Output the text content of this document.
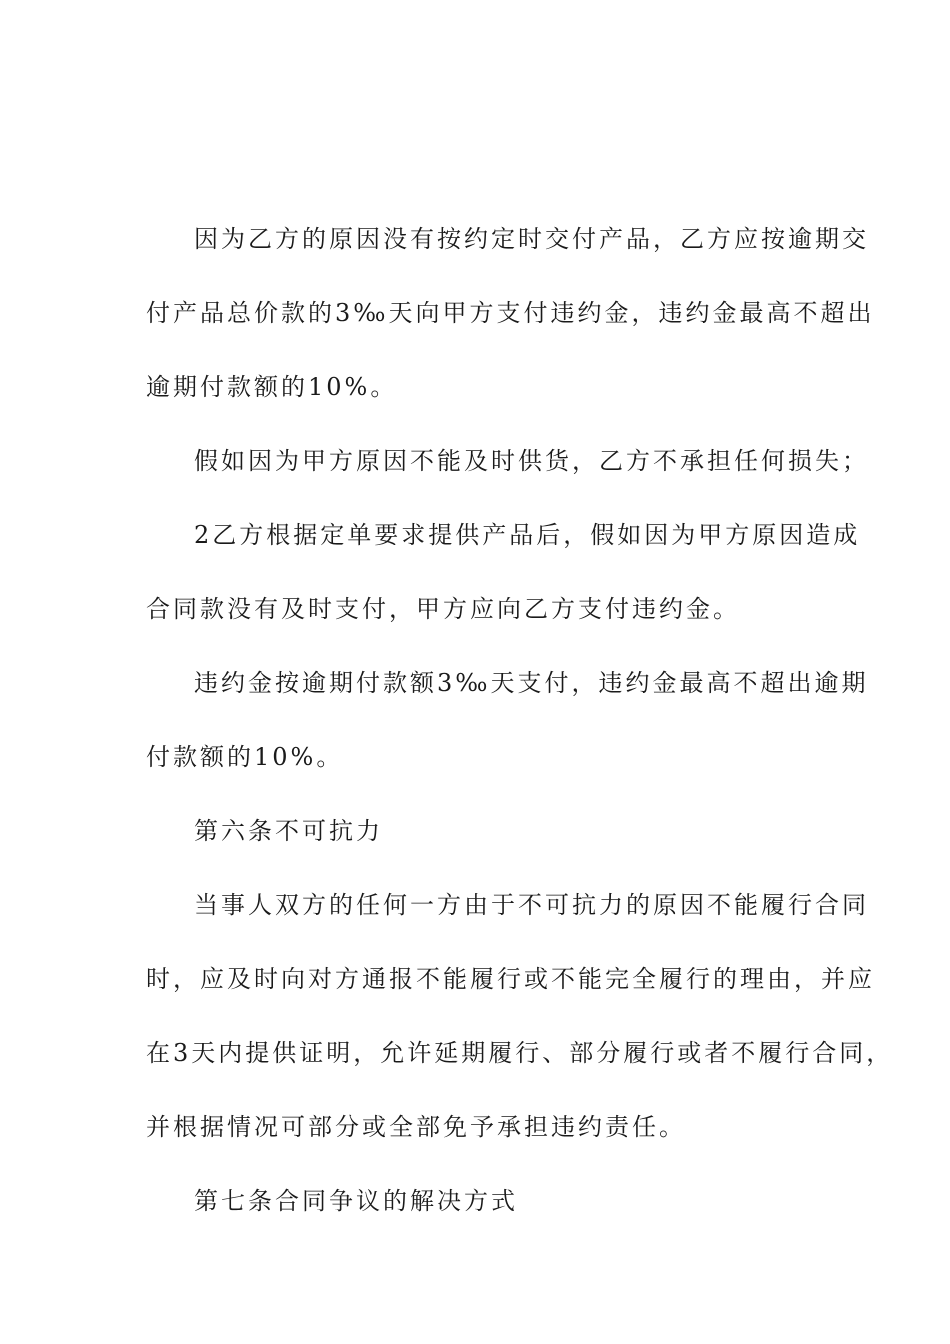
因为乙方的原因没有按约定时交付产品，乙方应按逾期交
付产品总价款的3‰天向甲方支付违约金，违约金最高不超出
逾期付款额的10%。
假如因为甲方原因不能及时供货，乙方不承担任何损失；
2乙方根据定单要求提供产品后，假如因为甲方原因造成
合同款没有及时支付，甲方应向乙方支付违约金。
违约金按逾期付款额3‰天支付，违约金最高不超出逾期
付款额的10%。
第六条不可抗力
当事人双方的任何一方由于不可抗力的原因不能履行合同
时，应及时向对方通报不能履行或不能完全履行的理由，并应
在3天内提供证明，允许延期履行、部分履行或者不履行合同，
并根据情况可部分或全部免予承担违约责任。
第七条合同争议的解决方式
